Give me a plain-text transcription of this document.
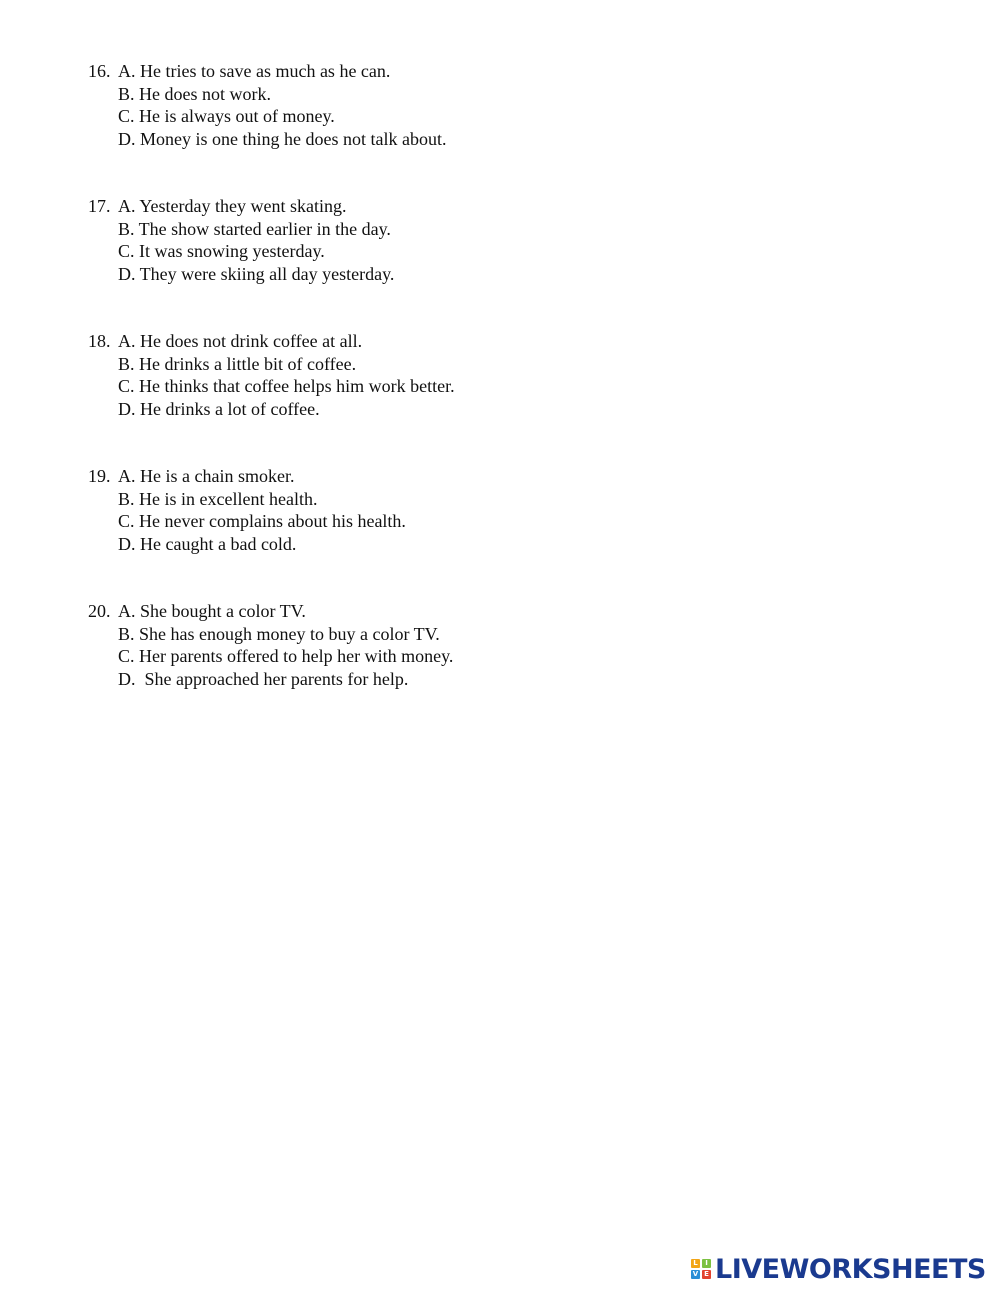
16. A. He tries to save as much as he can.
B. He does not work.
C. He is always out of money.
D. Money is one thing he does not talk about.
17. A. Yesterday they went skating.
B. The show started earlier in the day.
C. It was snowing yesterday.
D. They were skiing all day yesterday.
18. A. He does not drink coffee at all.
B. He drinks a little bit of coffee.
C. He thinks that coffee helps him work better.
D. He drinks a lot of coffee.
19. A. He is a chain smoker.
B. He is in excellent health.
C. He never complains about his health.
D. He caught a bad cold.
20. A. She bought a color TV.
B. She has enough money to buy a color TV.
C. Her parents offered to help her with money.
D.  She approached her parents for help.
L	I
V E LIVEWORKSHEETS
